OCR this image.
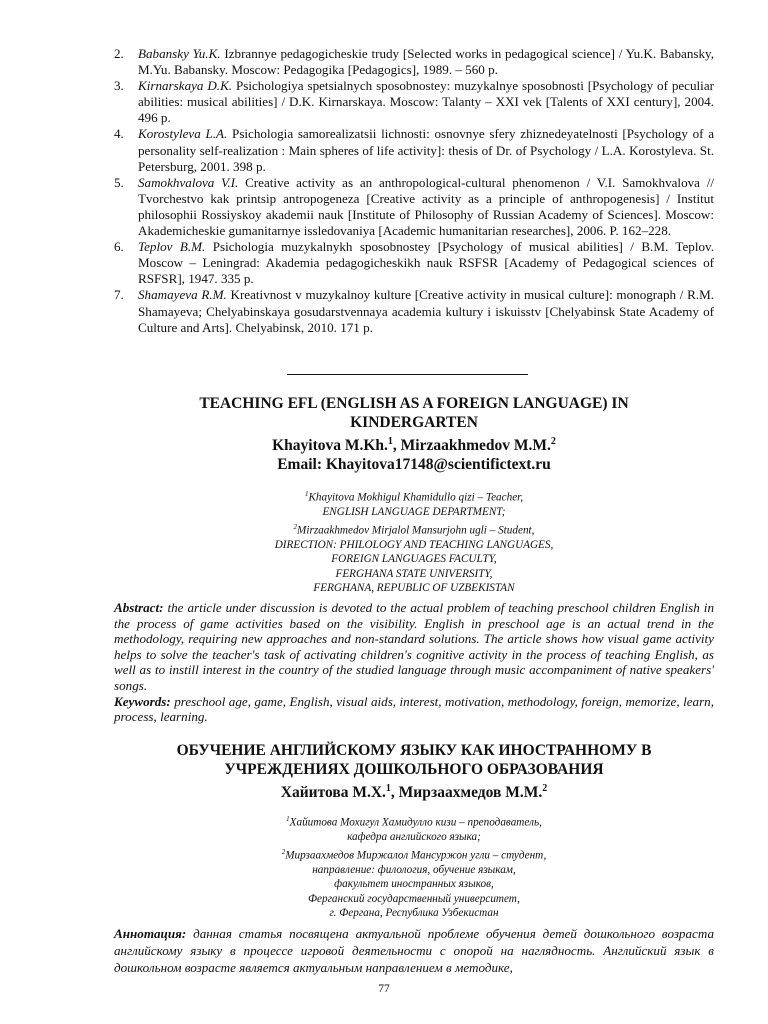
2.	Babansky Yu.K. Izbrannye pedagogicheskie trudy [Selected works in pedagogical science] / Yu.K. Babansky, M.Yu. Babansky. Moscow: Pedagogika [Pedagogics], 1989. – 560 p.
3.	Kirnarskaya D.K. Psichologiya spetsialnych sposobnostey: muzykalnye sposobnosti [Psychology of peculiar abilities: musical abilities] / D.K. Kirnarskaya. Moscow: Talanty – XXI vek [Talents of XXI century], 2004. 496 p.
4.	Korostyleva L.A. Psichologia samorealizatsii lichnosti: osnovnye sfery zhiznedeyatelnosti [Psychology of a personality self-realization : Main spheres of life activity]: thesis of Dr. of Psychology / L.A. Korostyleva. St. Petersburg, 2001. 398 p.
5.	Samokhvalova V.I. Creative activity as an anthropological-cultural phenomenon / V.I. Samokhvalova // Tvorchestvo kak printsip antropogeneza [Creative activity as a principle of anthropogenesis] / Institut philosophii Rossiyskoy akademii nauk [Institute of Philosophy of Russian Academy of Sciences]. Moscow: Akademicheskie gumanitarnye issledovaniya [Academic humanitarian researches], 2006. P. 162–228.
6.	Teplov B.M. Psichologia muzykalnykh sposobnostey [Psychology of musical abilities] / B.M. Teplov. Moscow – Leningrad: Akademia pedagogicheskikh nauk RSFSR [Academy of Pedagogical sciences of RSFSR], 1947. 335 p.
7.	Shamayeva R.M. Kreativnost v muzykalnoy kulture [Creative activity in musical culture]: monograph / R.M. Shamayeva; Chelyabinskaya gosudarstvennaya academia kultury i iskuisstv [Chelyabinsk State Academy of Culture and Arts]. Chelyabinsk, 2010. 171 p.
TEACHING EFL (ENGLISH AS A FOREIGN LANGUAGE) IN
KINDERGARTEN
Khayitova M.Kh.$^1$, Mirzaakhmedov M.M.$^2$
Email: Khayitova17148@scientifictext.ru
$^1$Khayitova Mokhigul Khamidullo qizi – Teacher,
ENGLISH LANGUAGE DEPARTMENT;
$^2$Mirzaakhmedov Mirjalol Mansurjohn ugli – Student,
DIRECTION: PHILOLOGY AND TEACHING LANGUAGES,
FOREIGN LANGUAGES FACULTY,
FERGHANA STATE UNIVERSITY,
FERGHANA, REPUBLIC OF UZBEKISTAN
Abstract: the article under discussion is devoted to the actual problem of teaching preschool children English in the process of game activities based on the visibility. English in preschool age is an actual trend in the methodology, requiring new approaches and non-standard solutions. The article shows how visual game activity helps to solve the teacher's task of activating children's cognitive activity in the process of teaching English, as well as to instill interest in the country of the studied language through music accompaniment of native speakers' songs.
Keywords: preschool age, game, English, visual aids, interest, motivation, methodology, foreign, memorize, learn, process, learning.
ОБУЧЕНИЕ АНГЛИЙСКОМУ ЯЗЫКУ КАК ИНОСТРАННОМУ В
УЧРЕЖДЕНИЯХ ДОШКОЛЬНОГО ОБРАЗОВАНИЯ
Хайитова М.Х.$^1$, Мирзаахмедов М.М.$^2$
$^1$Хайитова Мохигул Хамидулло кизи – преподаватель,
кафедра английского языка;
$^2$Мирзаахмедов Миржалол Мансуржон угли – студент,
направление: филология, обучение языкам,
факультет иностранных языков,
Ферганский государственный университет,
г. Фергана, Республика Узбекистан
Аннотация: данная статья посвящена актуальной проблеме обучения детей дошкольного возраста английскому языку в процессе игровой деятельности с опорой на наглядность. Английский язык в дошкольном возрасте является актуальным направлением в методике,
77
